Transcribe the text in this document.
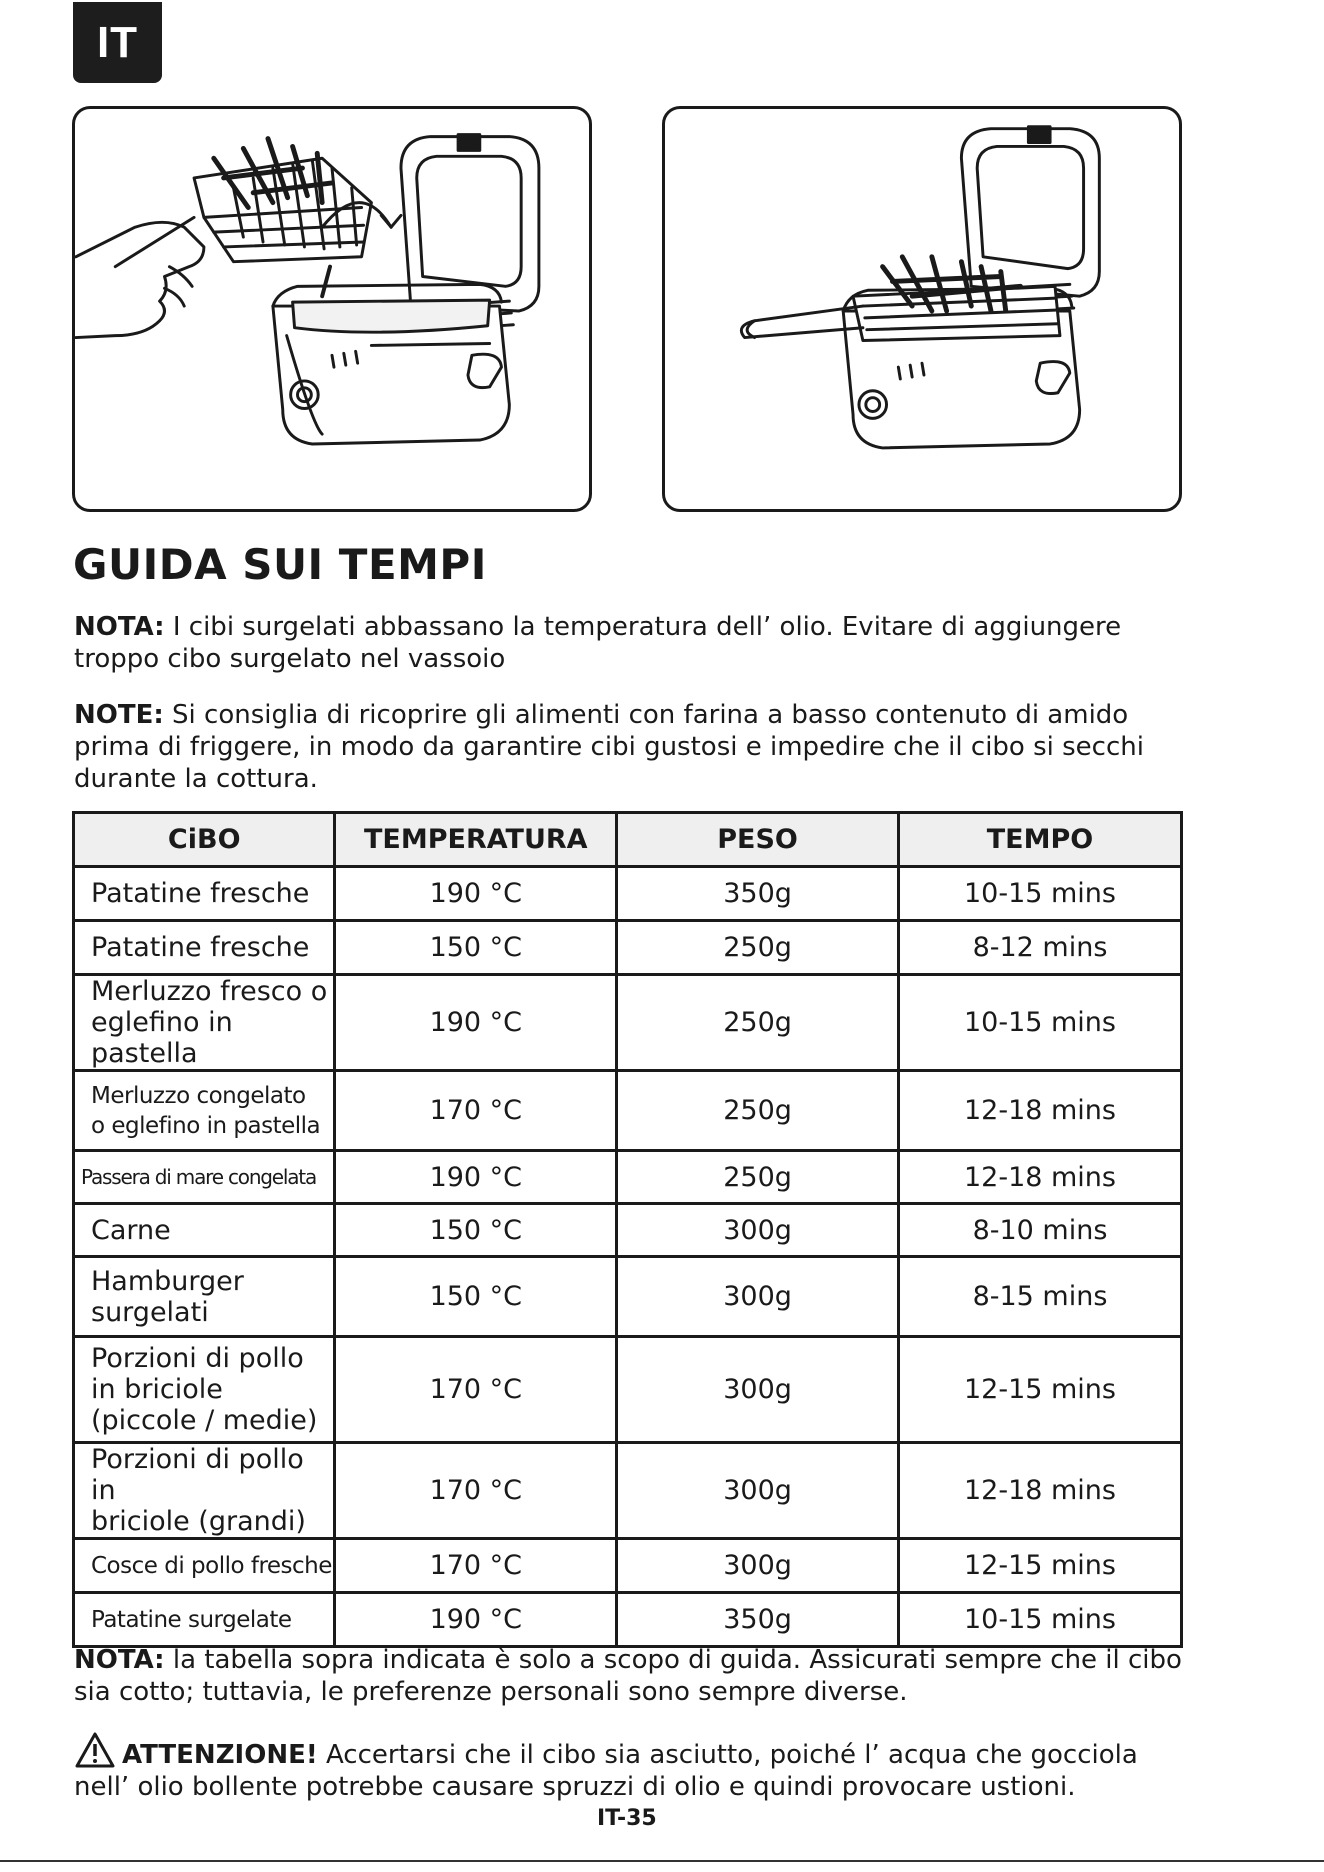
IT
GUIDA SUI TEMPI

NOTA: I cibi surgelati abbassano la temperatura dell’ olio. Evitare di aggiungere troppo cibo surgelato nel vassoio

NOTE: Si consiglia di ricoprire gli alimenti con farina a basso contenuto di amido prima di friggere, in modo da garantire cibi gustosi e impedire che il cibo si secchi durante la cottura.

CiBO	TEMPERATURA	PESO	TEMPO

Patatine fresche	190 °C	350g	10-15 mins

Patatine fresche	150 °C	250g	8-12 mins

Merluzzo fresco o
eglefino in pastella	190 °C	250g	10-15 mins

Merluzzo congelato
o eglefino in pastella	170 °C	250g	12-18 mins

Passera di mare congelata	190 °C	250g	12-18 mins

Carne	150 °C	300g	8-10 mins

Hamburger
surgelati	150 °C	300g	8-15 mins

Porzioni di pollo
in briciole
(piccole / medie)	170 °C	300g	12-15 mins

Porzioni di pollo in
briciole (grandi)	170 °C	300g	12-18 mins

Cosce di pollo fresche	170 °C	300g	12-15 mins

Patatine surgelate	190 °C	350g	10-15 mins

NOTA: la tabella sopra indicata è solo a scopo di guida. Assicurati sempre che il cibo sia cotto; tuttavia, le preferenze personali sono sempre diverse.

ATTENZIONE! Accertarsi che il cibo sia asciutto, poiché l’ acqua che gocciola nell’ olio bollente potrebbe causare spruzzi di olio e quindi provocare ustioni.

IT-35
